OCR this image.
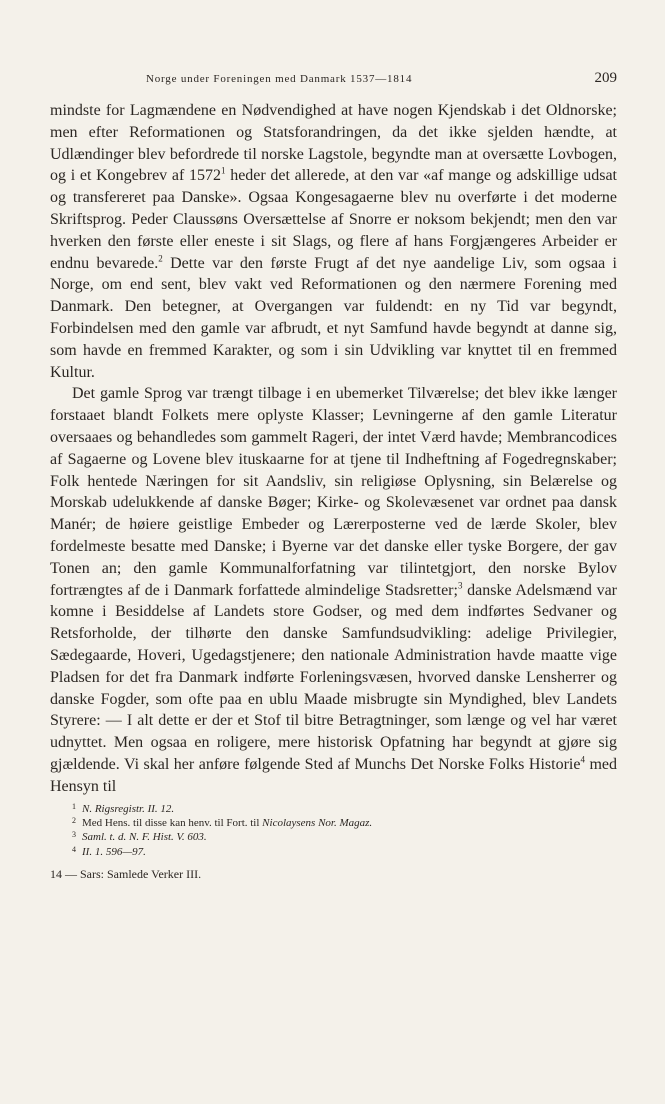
Norge under Foreningen med Danmark 1537—1814	209

mindste for Lagmændene en Nødvendighed at have nogen Kjendskab i det Oldnorske; men efter Reformationen og Statsforandringen, da det ikke sjelden hændte, at Udlændinger blev befordrede til norske Lagstole, begyndte man at oversætte Lovbogen, og i et Kongebrev af 1572$^1$ heder det allerede, at den var «af mange og adskillige udsat og transfereret paa Danske». Ogsaa Kongesagaerne blev nu overførte i det moderne Skriftsprog. Peder Claussøns Oversættelse af Snorre er noksom bekjendt; men den var hverken den første eller eneste i sit Slags, og flere af hans Forgjængeres Arbeider er endnu bevarede.$^2$ Dette var den første Frugt af det nye aandelige Liv, som ogsaa i Norge, om end sent, blev vakt ved Reformationen og den nærmere Forening med Danmark. Den betegner, at Overgangen var fuldendt: en ny Tid var begyndt, Forbindelsen med den gamle var afbrudt, et nyt Samfund havde begyndt at danne sig, som havde en fremmed Karakter, og som i sin Udvikling var knyttet til en fremmed Kultur.

Det gamle Sprog var trængt tilbage i en ubemerket Tilværelse; det blev ikke længer forstaaet blandt Folkets mere oplyste Klasser; Levningerne af den gamle Literatur oversaaes og behandledes som gammelt Rageri, der intet Værd havde; Membrancodices af Sagaerne og Lovene blev ituskaarne for at tjene til Indheftning af Fogedregnskaber; Folk hentede Næringen for sit Aandsliv, sin religiøse Oplysning, sin Belærelse og Morskab udelukkende af danske Bøger; Kirke- og Skolevæsenet var ordnet paa dansk Manér; de høiere geistlige Embeder og Lærerposterne ved de lærde Skoler, blev fordelmeste besatte med Danske; i Byerne var det danske eller tyske Borgere, der gav Tonen an; den gamle Kommunalforfatning var tilintetgjort, den norske Bylov fortrængtes af de i Danmark forfattede almindelige Stadsretter;$^3$ danske Adelsmænd var komne i Besiddelse af Landets store Godser, og med dem indførtes Sedvaner og Retsforholde, der tilhørte den danske Samfundsudvikling: adelige Privilegier, Sædegaarde, Hoveri, Ugedagstjenere; den nationale Administration havde maatte vige Pladsen for det fra Danmark indførte Forleningsvæsen, hvorved danske Lensherrer og danske Fogder, som ofte paa en ublu Maade misbrugte sin Myndighed, blev Landets Styrere: — I alt dette er der et Stof til bitre Betragtninger, som længe og vel har været udnyttet. Men ogsaa en roligere, mere historisk Opfatning har begyndt at gjøre sig gjældende. Vi skal her anføre følgende Sted af Munchs Det Norske Folks Historie$^4$ med Hensyn til

1 N. Rigsregistr. II. 12.
2 Med Hens. til disse kan henv. til Fort. til Nicolaysens Nor. Magaz.
3 Saml. t. d. N. F. Hist. V. 603.
4 II. 1. 596—97.
14 — Sars: Samlede Verker III.
